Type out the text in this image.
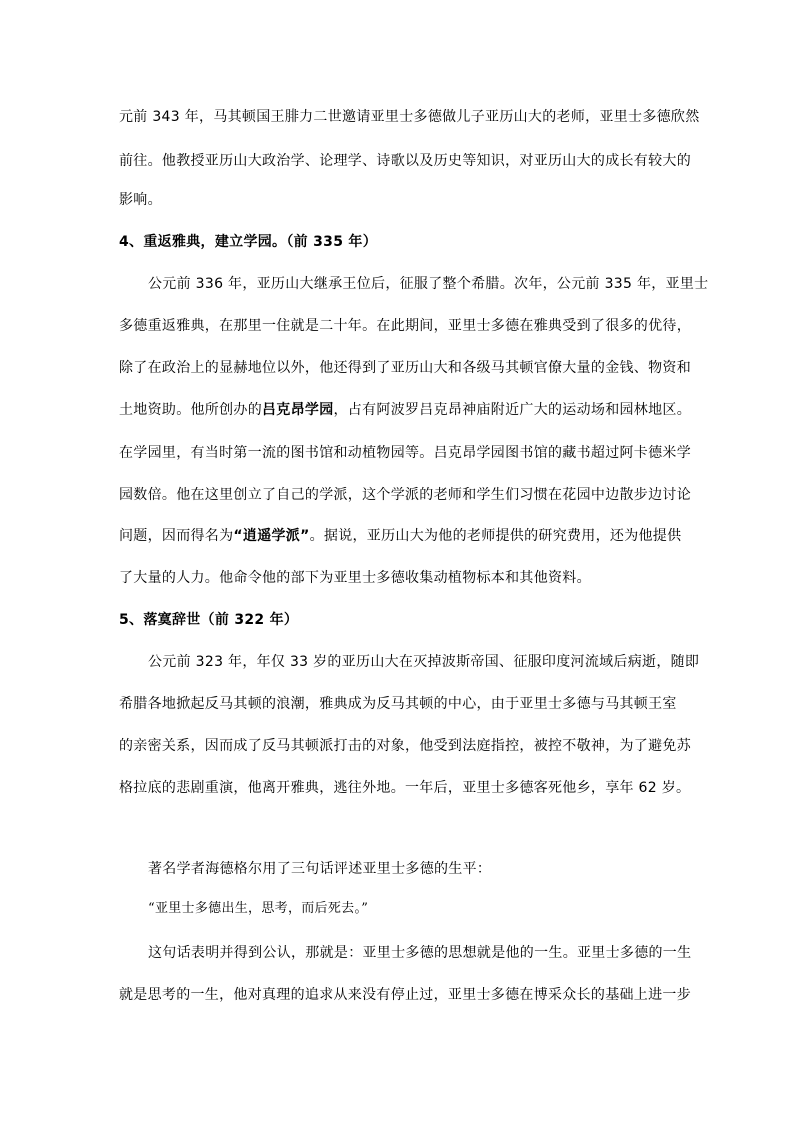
元前 343 年，马其顿国王腓力二世邀请亚里士多德做儿子亚历山大的老师，亚里士多德欣然
前往。他教授亚历山大政治学、论理学、诗歌以及历史等知识，对亚历山大的成长有较大的
影响。
4、重返雅典，建立学园。（前 335 年）
公元前 336 年，亚历山大继承王位后，征服了整个希腊。次年，公元前 335 年，亚里士
多德重返雅典，在那里一住就是二十年。在此期间，亚里士多德在雅典受到了很多的优待，
除了在政治上的显赫地位以外，他还得到了亚历山大和各级马其顿官僚大量的金钱、物资和
土地资助。他所创办的吕克昂学园，占有阿波罗吕克昂神庙附近广大的运动场和园林地区。
在学园里，有当时第一流的图书馆和动植物园等。吕克昂学园图书馆的藏书超过阿卡德米学
园数倍。他在这里创立了自己的学派，这个学派的老师和学生们习惯在花园中边散步边讨论
问题，因而得名为“逍遥学派”。据说，亚历山大为他的老师提供的研究费用，还为他提供
了大量的人力。他命令他的部下为亚里士多德收集动植物标本和其他资料。
5、落寞辞世（前 322 年）
公元前 323 年，年仅 33 岁的亚历山大在灭掉波斯帝国、征服印度河流域后病逝，随即
希腊各地掀起反马其顿的浪潮，雅典成为反马其顿的中心，由于亚里士多德与马其顿王室
的亲密关系，因而成了反马其顿派打击的对象，他受到法庭指控，被控不敬神，为了避免苏
格拉底的悲剧重演，他离开雅典，逃往外地。一年后，亚里士多德客死他乡，享年 62 岁。
著名学者海德格尔用了三句话评述亚里士多德的生平：
“亚里士多德出生，思考，而后死去。”
这句话表明并得到公认，那就是：亚里士多德的思想就是他的一生。亚里士多德的一生
就是思考的一生，他对真理的追求从来没有停止过，亚里士多德在博采众长的基础上进一步
